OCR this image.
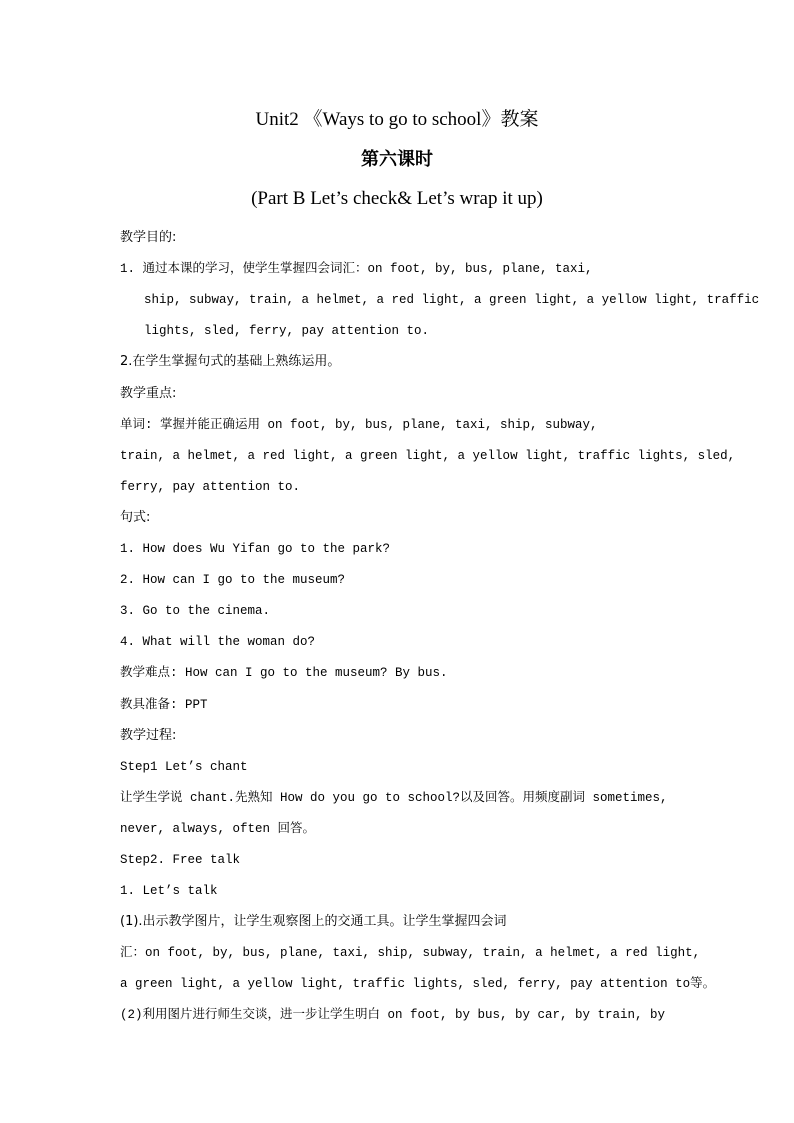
Unit2 《Ways to go to school》教案
第六课时
(Part B Let’s check& Let’s wrap it up)
教学目的:
1. 通过本课的学习，使学生掌握四会词汇：on foot, by, bus, plane, taxi,
ship, subway, train, a helmet, a red light, a green light, a yellow light, traffic
lights, sled, ferry, pay attention to.
2.在学生掌握句式的基础上熟练运用。
教学重点:
单词: 掌握并能正确运用 on foot, by, bus, plane, taxi, ship, subway,
train, a helmet, a red light, a green light, a yellow light, traffic lights, sled,
ferry, pay attention to.
句式:
1. How does Wu Yifan go to the park?
2. How can I go to the museum?
3. Go to the cinema.
4. What will the woman do?
教学难点: How can I go to the museum? By bus.
教具准备: PPT
教学过程:
Step1 Let’s chant
让学生学说 chant.先熟知 How do you go to school?以及回答。用频度副词 sometimes,
never, always, often 回答。
Step2. Free talk
1. Let’s talk
(1).出示教学图片，让学生观察图上的交通工具。让学生掌握四会词
汇：on foot, by, bus, plane, taxi, ship, subway, train, a helmet, a red light,
a green light, a yellow light, traffic lights, sled, ferry, pay attention to等。
(2)利用图片进行师生交谈，进一步让学生明白 on foot, by bus, by car, by train, by
